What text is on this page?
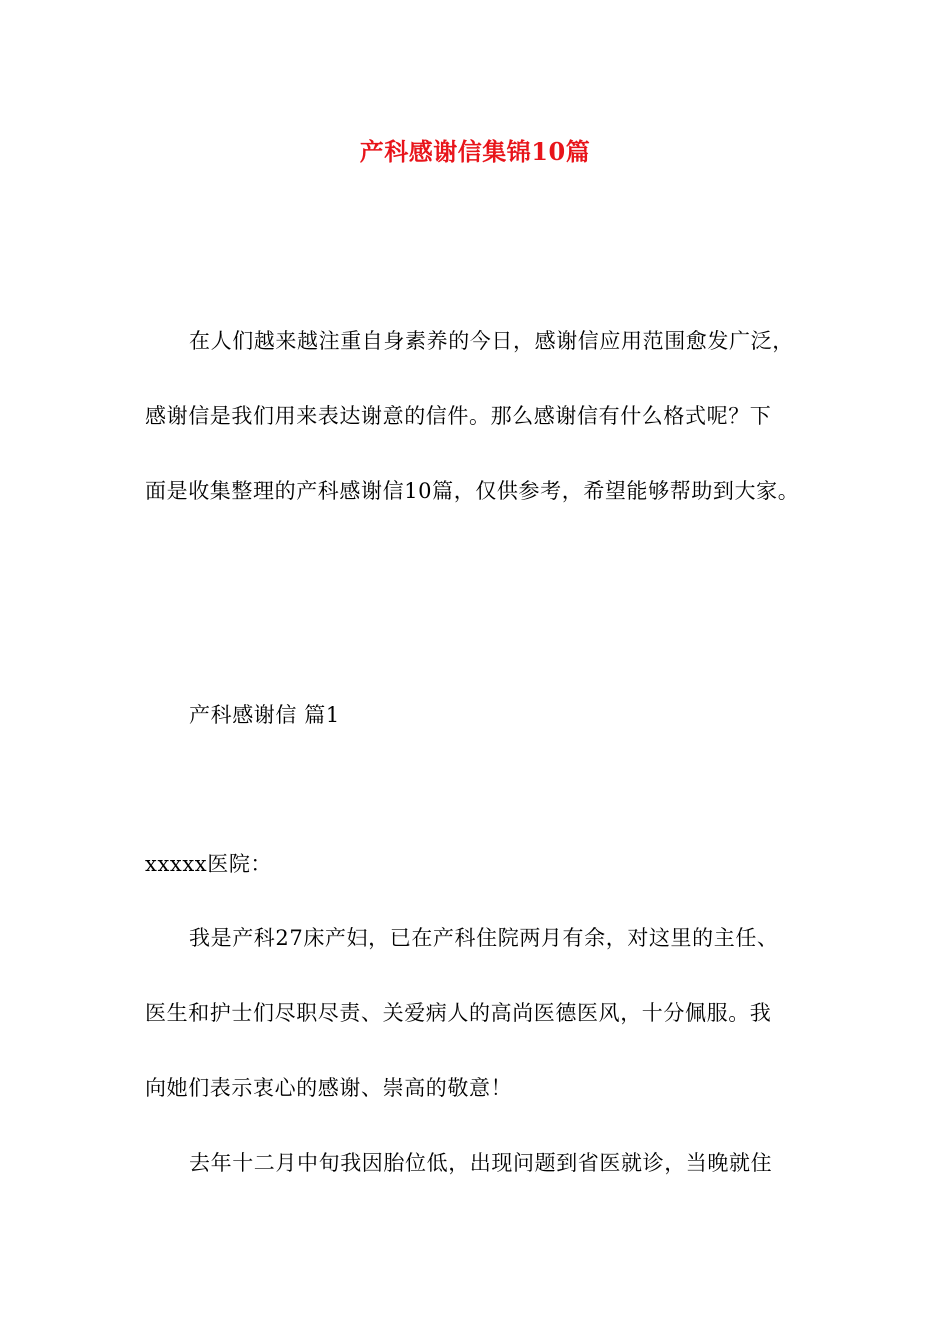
产科感谢信集锦10篇
在人们越来越注重自身素养的今日，感谢信应用范围愈发广泛，
感谢信是我们用来表达谢意的信件。那么感谢信有什么格式呢？下
面是收集整理的产科感谢信10篇，仅供参考，希望能够帮助到大家。
产科感谢信 篇1
xxxxx医院：
我是产科27床产妇，已在产科住院两月有余，对这里的主任、
医生和护士们尽职尽责、关爱病人的高尚医德医风，十分佩服。我
向她们表示衷心的感谢、崇高的敬意！
去年十二月中旬我因胎位低，出现问题到省医就诊，当晚就住
